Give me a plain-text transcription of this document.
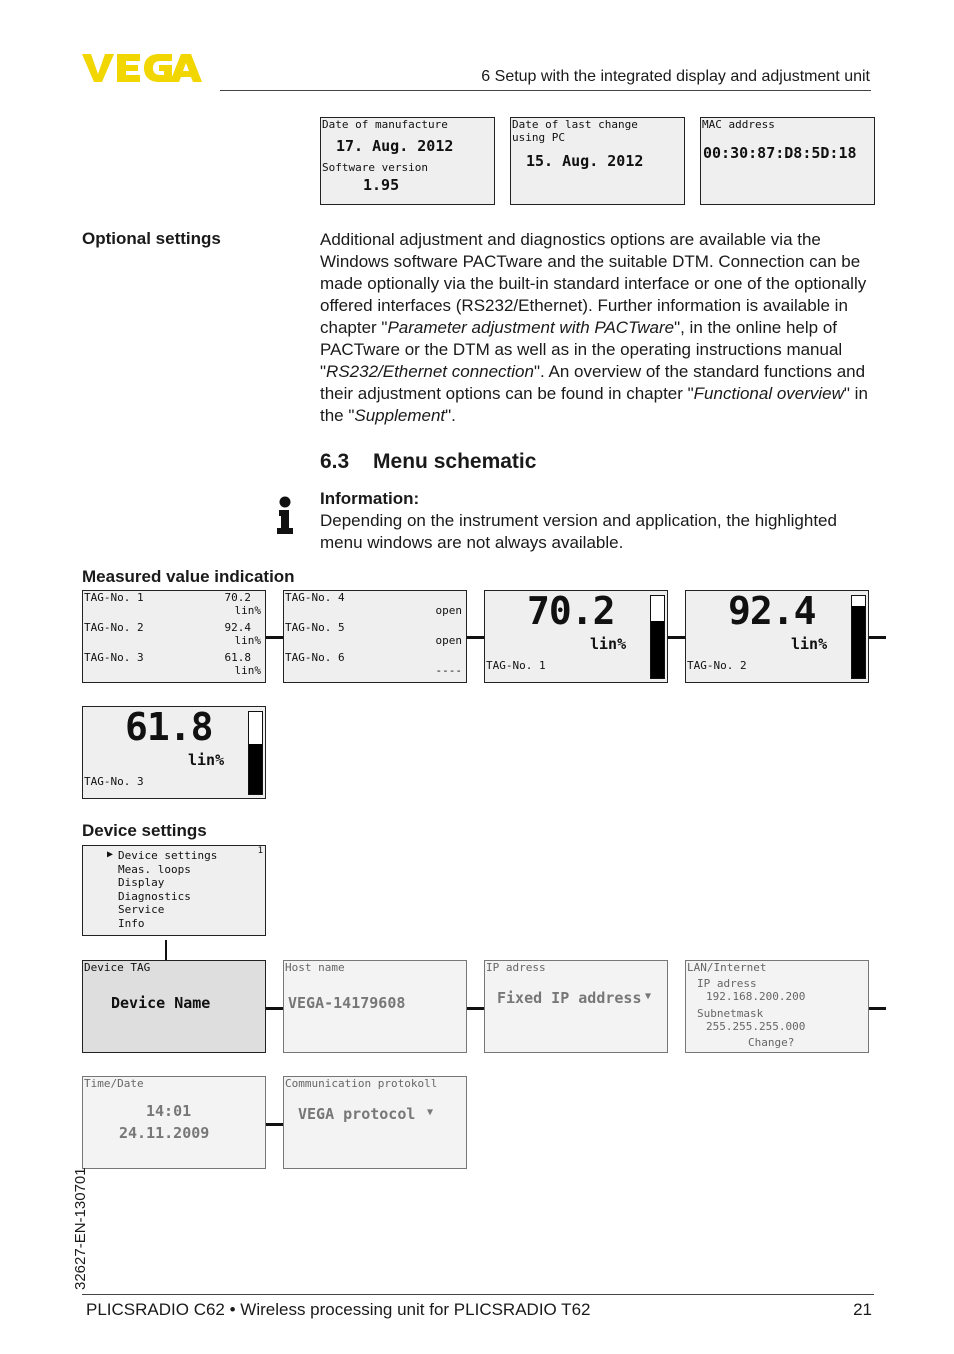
6 Setup with the integrated display and adjustment unit
Date of manufacture
17. Aug. 2012
Software version
1.95
Date of last change
using PC
15. Aug. 2012
MAC address
00:30:87:D8:5D:18
Optional settings	Additional adjustment and diagnostics options are available via the Windows software PACTware and the suitable DTM. Connection can be made optionally via the built-in standard interface or one of the optionally offered interfaces (RS232/Ethernet). Further information is available in chapter "Parameter adjustment with PACTware", in the online help of PACTware or the DTM as well as in the operating instructions manual "RS232/Ethernet connection". An overview of the standard functions and their adjustment options can be found in chapter "Functional overview" in the "Supplement".
6.3 Menu schematic
Information:
Depending on the instrument version and application, the highlighted menu windows are not always available.
Measured value indication
TAG-No. 1	70.2
lin%
TAG-No. 2	92.4
lin%
TAG-No. 3	61.8
lin%
TAG-No. 4
open
TAG-No. 5
open
TAG-No. 6
----
70.2
lin%
TAG-No. 1
92.4
lin%
TAG-No. 2
61.8
lin%
TAG-No. 3
Device settings
▶ Device settings
Meas. loops
Display
Diagnostics
Service
Info
1
Device TAG
Device Name
Host name
VEGA-14179608
IP adress
Fixed IP address ▼
LAN/Internet
IP adress
192.168.200.200
Subnetmask
255.255.255.000
Change?
Time/Date
14:01
24.11.2009
Communication protokoll
VEGA protocol ▼
32627-EN-130701
PLICSRADIO C62 • Wireless processing unit for PLICSRADIO T62	21
